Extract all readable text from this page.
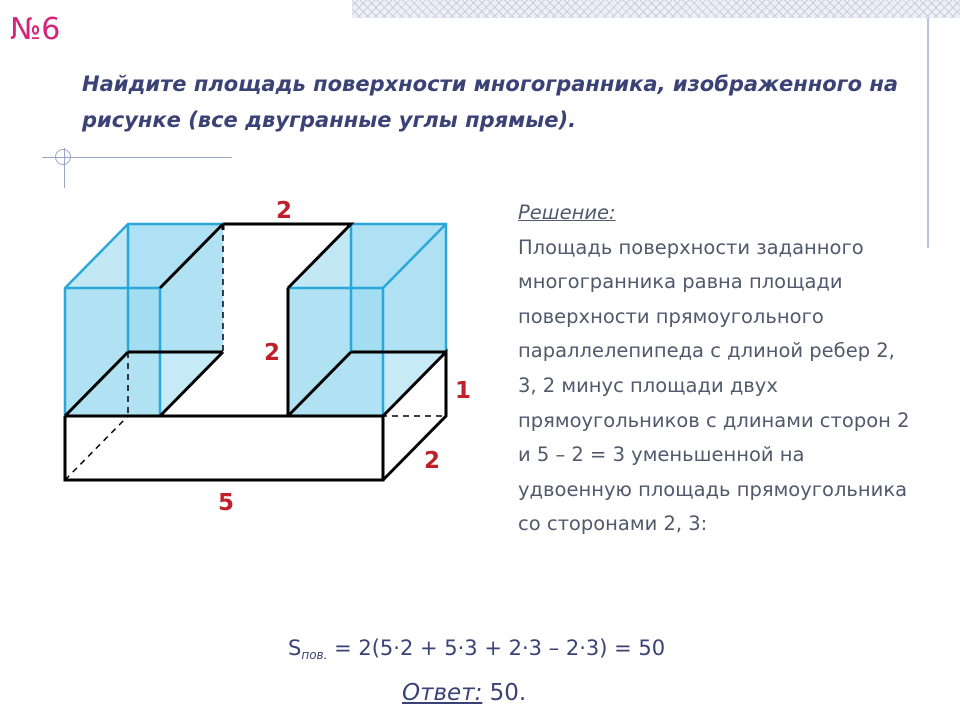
№6
Найдите площадь поверхности многогранника, изображенного на рисунке (все двугранные углы прямые).
2
2
1
2
5
Решение:
Площадь поверхности заданного многогранника равна площади поверхности прямоугольного параллелепипеда с длиной ребер 2, 3, 2 минус площади двух прямоугольников с длинами сторон 2 и 5 – 2 = 3 уменьшенной на удвоенную площадь прямоугольника со сторонами 2, 3:
$S_{пов.} = 2(5\cdot 2 + 5\cdot 3 + 2\cdot 3 - 2\cdot 3) = 50$
Ответ: 50.
